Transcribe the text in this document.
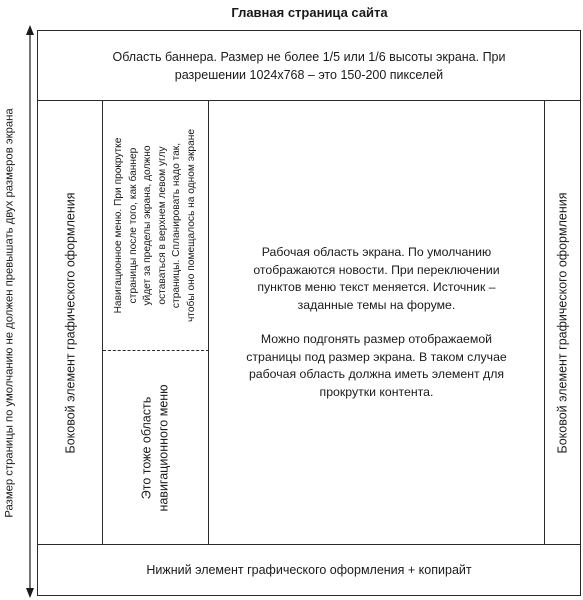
Главная страница сайта
Размер страницы по умолчанию не должен превышать двух размеров экрана
Область баннера. Размер не более 1/5 или 1/6 высоты экрана. При
разрешении 1024x768 – это 150-200 пикселей
Боковой элемент графического оформления	Навигационное меню. При прокрутке страницы после того, как баннер уйдет за пределы экрана, должно оставаться в верхнем левом углу страницы. Спланировать надо так, чтобы оно помещалось на одном экране
Это тоже область навигационного меню

Рабочая область экрана. По умолчанию
отображаются новости. При переключении
пунктов меню текст меняется. Источник –
заданные темы на форуме.

Можно подгонять размер отображаемой
страницы под размер экрана. В таком случае
рабочая область должна иметь элемент для
прокрутки контента.	Боковой элемент графического оформления
Нижний элемент графического оформления + копирайт
